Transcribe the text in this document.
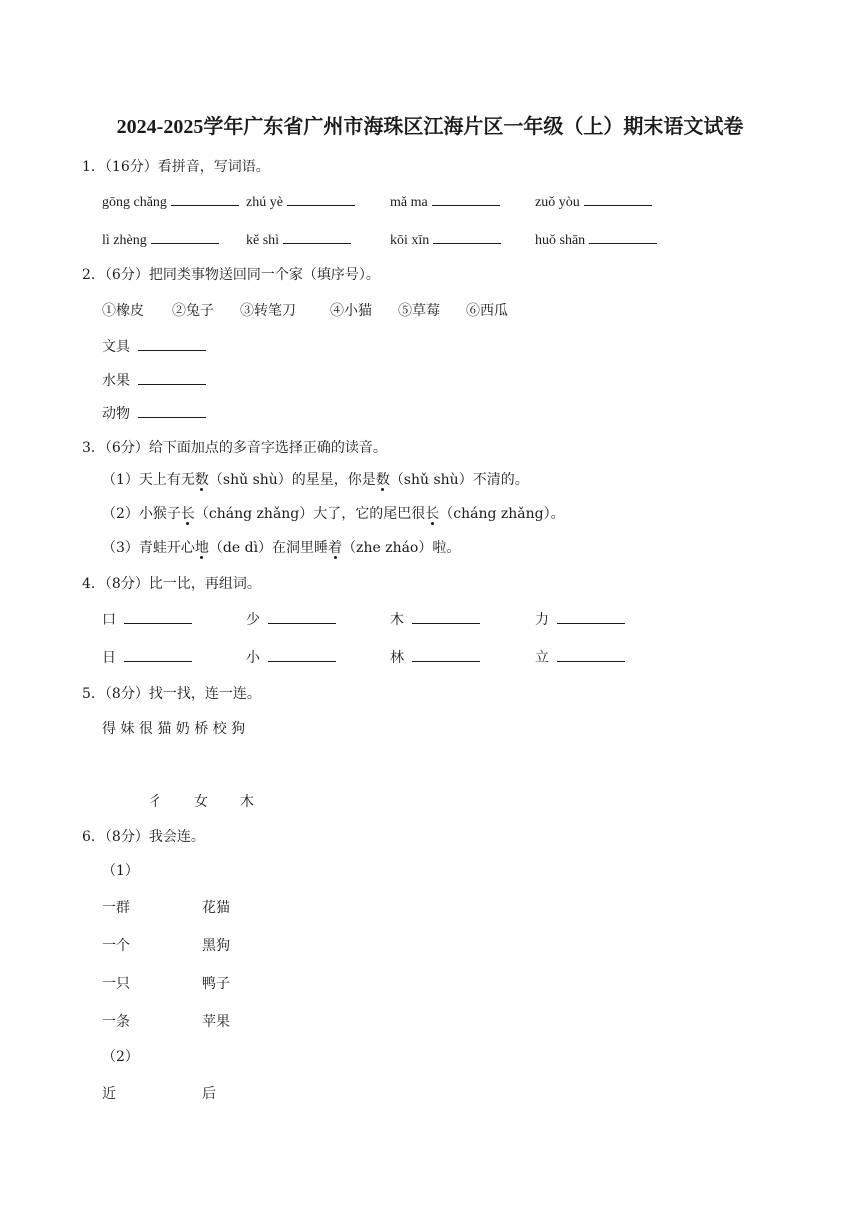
2024-2025学年广东省广州市海珠区江海片区一年级（上）期末语文试卷
1．（16分）看拼音，写词语。
gōng chǎng	zhú yè	mǎ ma	zuǒ yòu
lì zhèng	kě shì	kōi xīn	huǒ shān
2．（6分）把同类事物送回同一个家（填序号）。
①橡皮 ②兔子 ③转笔刀 ④小猫 ⑤草莓 ⑥西瓜
文具
水果
动物
3．（6分）给下面加点的多音字选择正确的读音。
（1）天上有无数（shǔ shù）的星星，你是数（shǔ shù）不清的。
（2）小猴子长（cháng zhǎng）大了，它的尾巴很长（cháng zhǎng）。
（3）青蛙开心地（de dì）在洞里睡着（zhe zháo）啦。
4．（8分）比一比，再组词。
口	少	木	力
日	小	林	立
5．（8分）找一找，连一连。
得 妹 很 猫 奶 桥 校 狗
彳 女 木
6．（8分）我会连。
（1）
一群	花猫
一个	黑狗
一只	鸭子
一条	苹果
（2）
近	后
